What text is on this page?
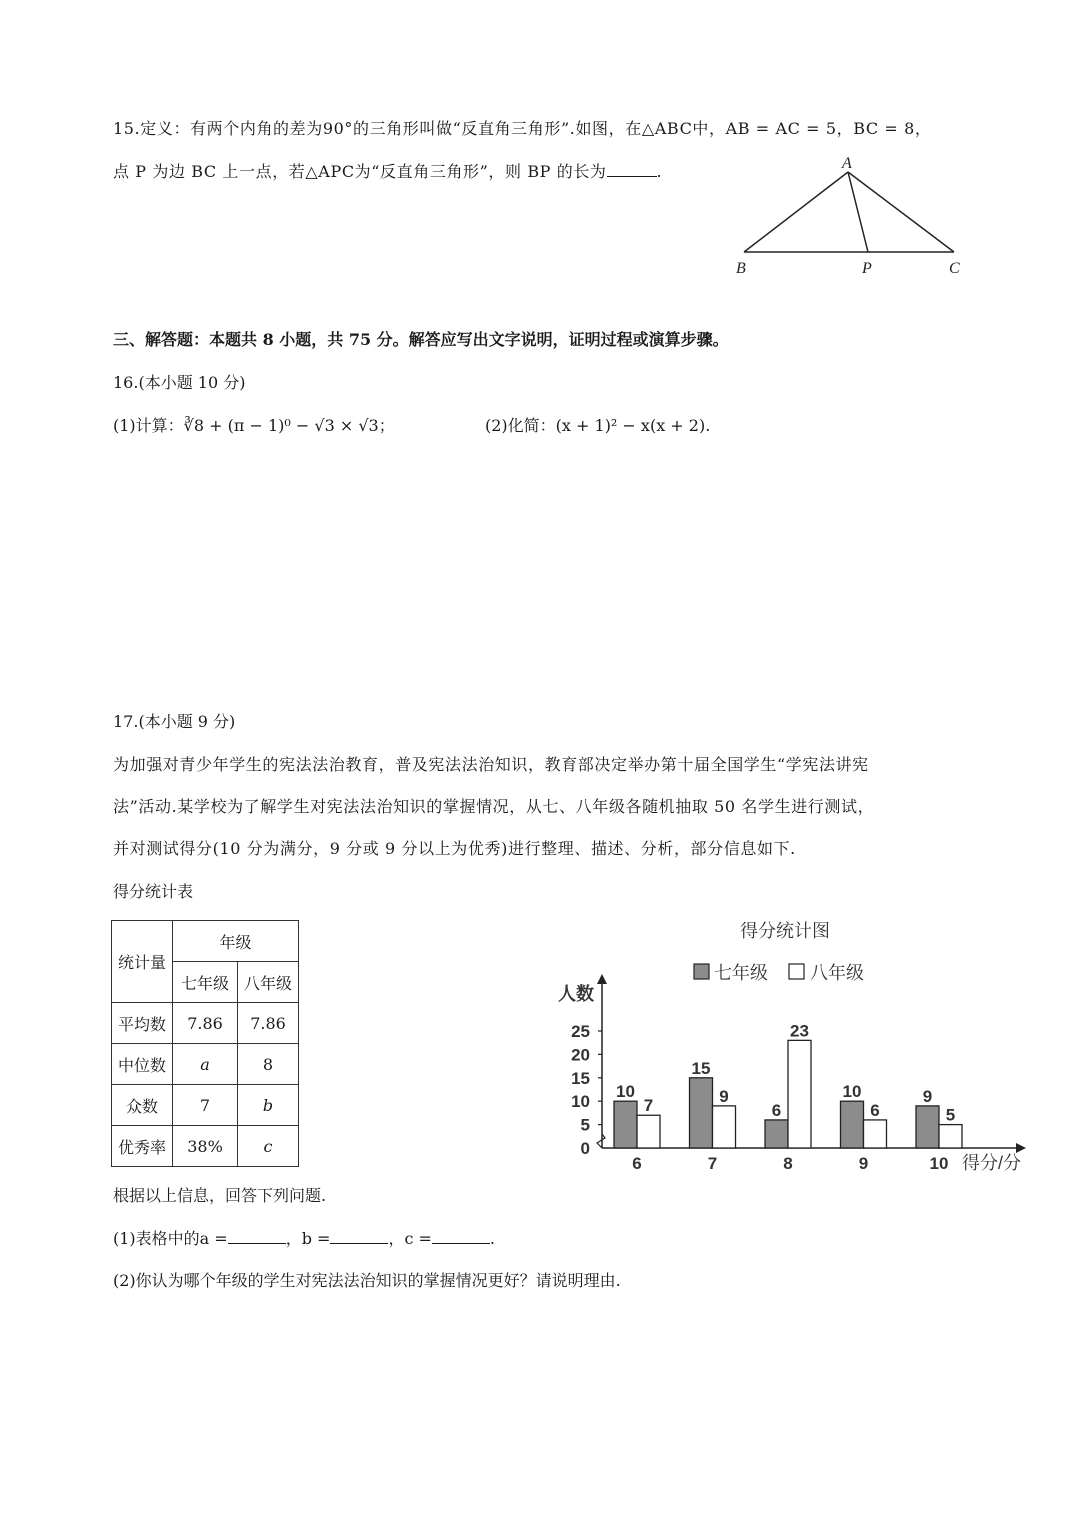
15.定义：有两个内角的差为90°的三角形叫做“反直角三角形”.如图，在△ABC中，AB = AC = 5，BC = 8，
点 P 为边 BC 上一点，若△APC为“反直角三角形”，则 BP 的长为	.	A
B	P	C
三、解答题：本题共 8 小题，共 75 分。解答应写出文字说明，证明过程或演算步骤。
16.(本小题 10 分)
(1)计算：∛8 + (π − 1)⁰ − √3 × √3；	(2)化简：(x + 1)² − x(x + 2).
17.(本小题 9 分)
为加强对青少年学生的宪法法治教育，普及宪法法治知识，教育部决定举办第十届全国学生“学宪法讲宪
法”活动.某学校为了解学生对宪法法治知识的掌握情况，从七、八年级各随机抽取 50 名学生进行测试，
并对测试得分(10 分为满分，9 分或 9 分以上为优秀)进行整理、描述、分析，部分信息如下.
得分统计表
统计量	年级	
	七年级	八年级
平均数	7.86	7.86
中位数	a	8
众数	7	b
优秀率	38%	c
得分统计图
七年级 八年级
人数
得分/分
0
5
10
15
20
25
10
7
6
15
9
7
6
23
8
10
6
9
9
5
10
根据以上信息，回答下列问题.
(1)表格中的a =	，b =	，c =	.
(2)你认为哪个年级的学生对宪法法治知识的掌握情况更好？请说明理由.
